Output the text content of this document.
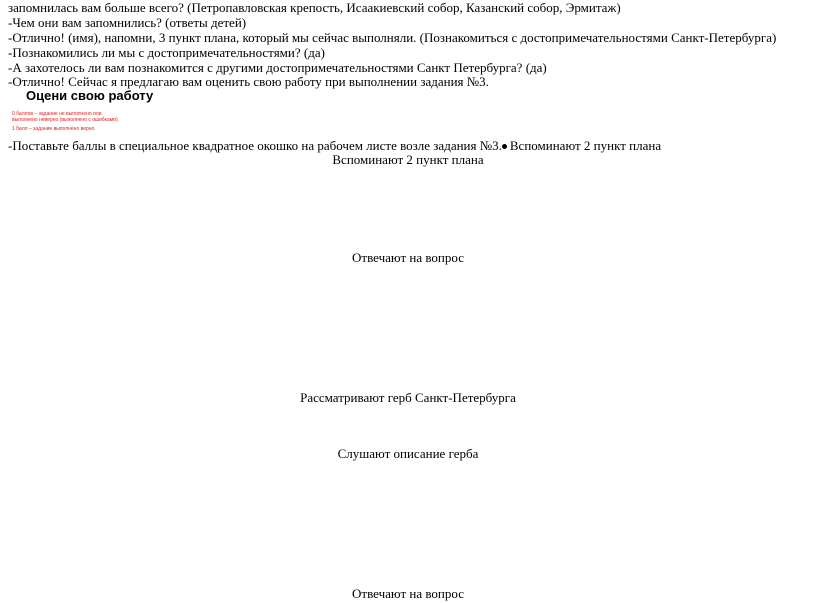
запомнилась вам больше всего? (Петропавловская крепость, Исаакиевский собор, Казанский собор, Эрмитаж)
-Чем они вам запомнились? (ответы детей)
-Отлично! (имя), напомни, 3 пункт плана, который мы сейчас выполняли. (Познакомиться с достопримечательностями Санкт-Петербурга)
-Познакомились ли мы с достопримечательностями? (да)
-А захотелось ли вам познакомится с другими достопримечательностями Санкт Петербурга? (да)
-Отлично! Сейчас я предлагаю вам оценить свою работу при выполнении задания №3.
Оцени свою работу
0 баллов – задание не выполнено или
выполнено неверно (выполнено с ошибками).
1 балл – задание выполнено верно.
-Поставьте баллы в специальное квадратное окошко на рабочем листе возле задания №3. Вспоминают 2 пункт плана
Вспоминают 2 пункт плана
Отвечают на вопрос
Рассматривают герб Санкт-Петербурга
Слушают описание герба
Отвечают на вопрос
